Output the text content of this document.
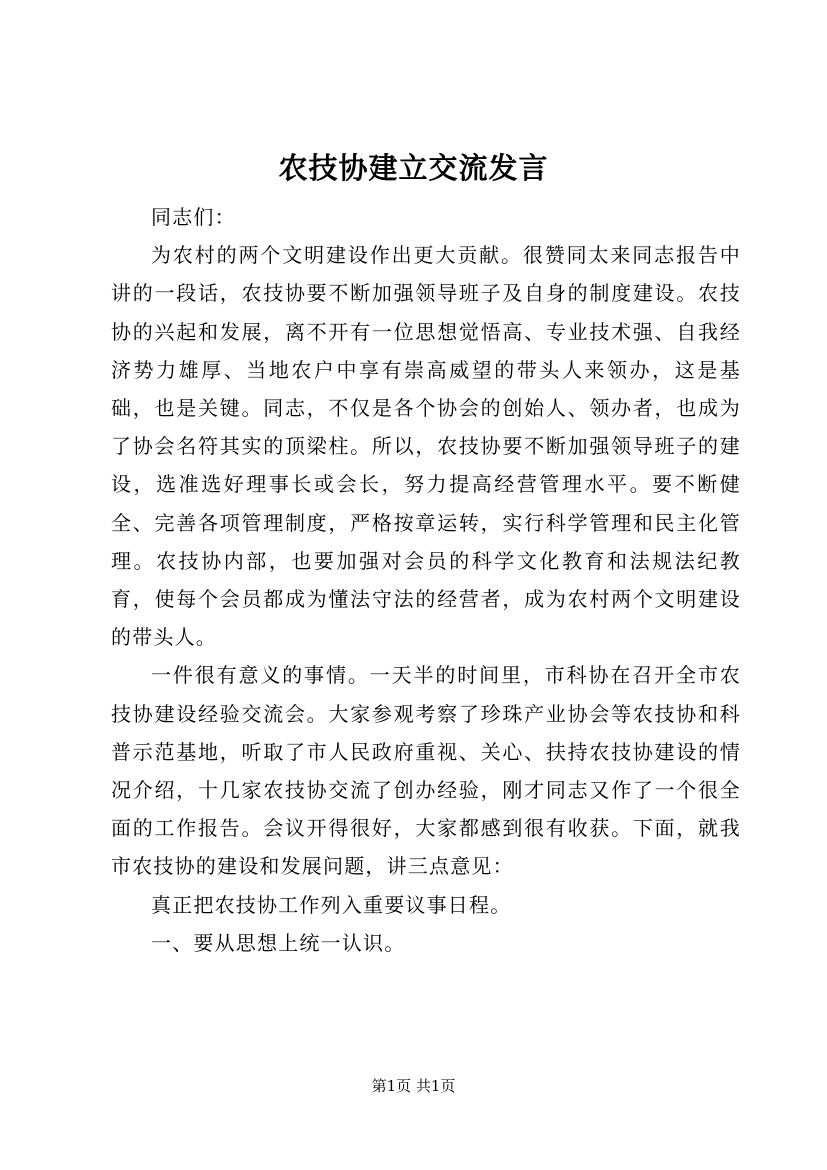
农技协建立交流发言

同志们：

为农村的两个文明建设作出更大贡献。很赞同太来同志报告中讲的一段话，农技协要不断加强领导班子及自身的制度建设。农技协的兴起和发展，离不开有一位思想觉悟高、专业技术强、自我经济势力雄厚、当地农户中享有崇高威望的带头人来领办，这是基础，也是关键。同志，不仅是各个协会的创始人、领办者，也成为了协会名符其实的顶梁柱。所以，农技协要不断加强领导班子的建设，选准选好理事长或会长，努力提高经营管理水平。要不断健全、完善各项管理制度，严格按章运转，实行科学管理和民主化管理。农技协内部，也要加强对会员的科学文化教育和法规法纪教育，使每个会员都成为懂法守法的经营者，成为农村两个文明建设的带头人。

一件很有意义的事情。一天半的时间里，市科协在召开全市农技协建设经验交流会。大家参观考察了珍珠产业协会等农技协和科普示范基地，听取了市人民政府重视、关心、扶持农技协建设的情况介绍，十几家农技协交流了创办经验，刚才同志又作了一个很全面的工作报告。会议开得很好，大家都感到很有收获。下面，就我市农技协的建设和发展问题，讲三点意见：

真正把农技协工作列入重要议事日程。

一、要从思想上统一认识。

第1页 共1页
